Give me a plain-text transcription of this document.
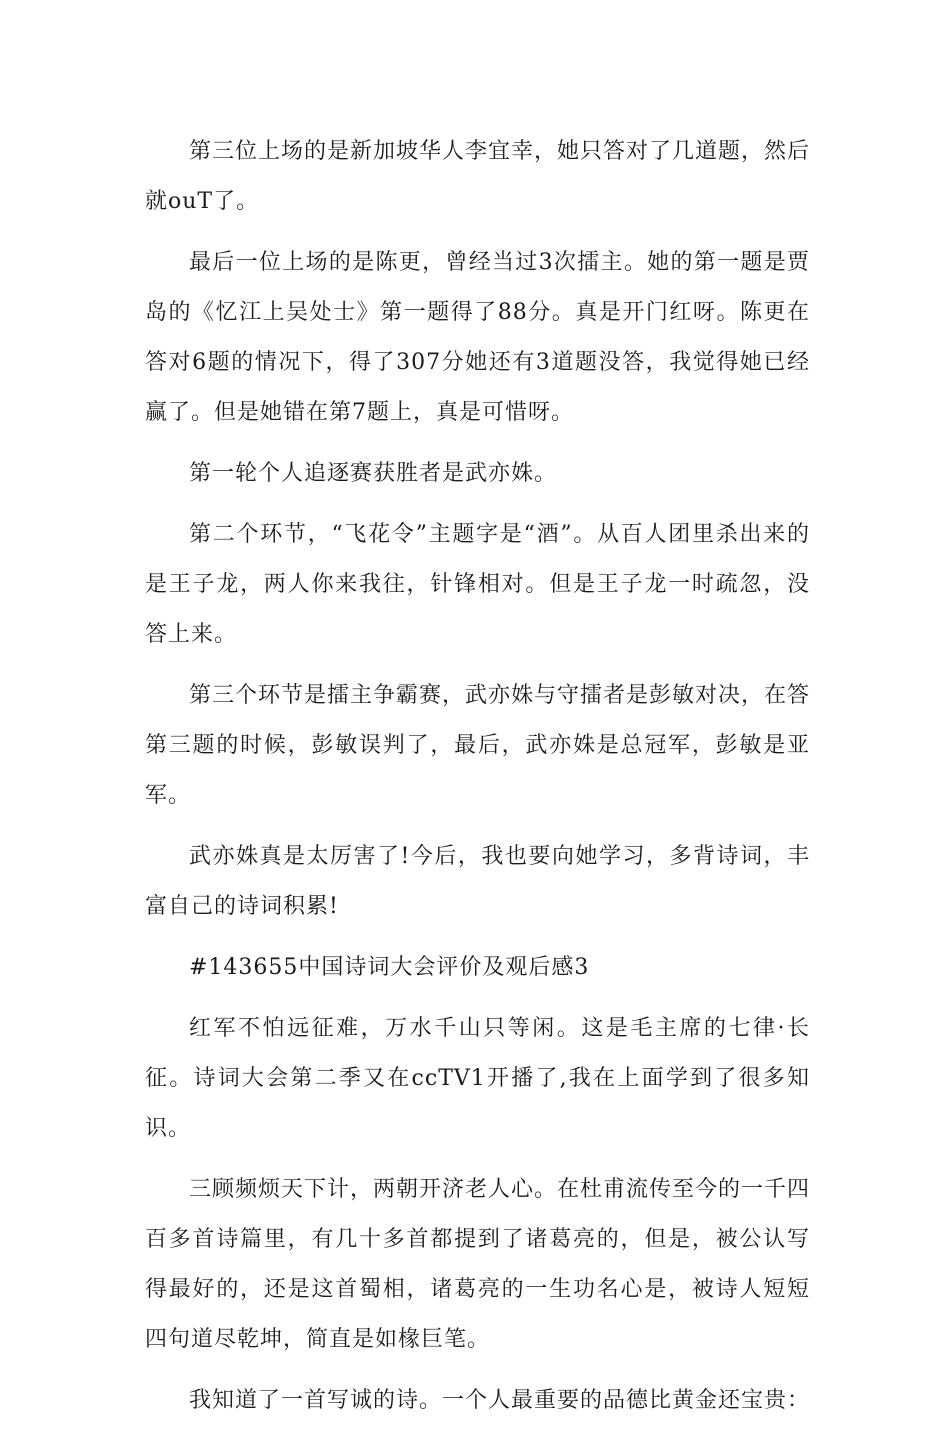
第三位上场的是新加坡华人李宜幸，她只答对了几道题，然后就ouT了。

最后一位上场的是陈更，曾经当过3次擂主。她的第一题是贾岛的《忆江上吴处士》第一题得了88分。真是开门红呀。陈更在答对6题的情况下，得了307分她还有3道题没答，我觉得她已经赢了。但是她错在第7题上，真是可惜呀。

第一轮个人追逐赛获胜者是武亦姝。

第二个环节，“飞花令”主题字是“酒”。从百人团里杀出来的是王子龙，两人你来我往，针锋相对。但是王子龙一时疏忽，没答上来。

第三个环节是擂主争霸赛，武亦姝与守擂者是彭敏对决，在答第三题的时候，彭敏误判了，最后，武亦姝是总冠军，彭敏是亚军。

武亦姝真是太厉害了!今后，我也要向她学习，多背诗词，丰富自己的诗词积累!

#143655中国诗词大会评价及观后感3

红军不怕远征难，万水千山只等闲。这是毛主席的七律·长征。诗词大会第二季又在ccTV1开播了,我在上面学到了很多知识。

三顾频烦天下计，两朝开济老人心。在杜甫流传至今的一千四百多首诗篇里，有几十多首都提到了诸葛亮的，但是，被公认写得最好的，还是这首蜀相，诸葛亮的一生功名心是，被诗人短短四句道尽乾坤，简直是如椽巨笔。

我知道了一首写诚的诗。一个人最重要的品德比黄金还宝贵：
